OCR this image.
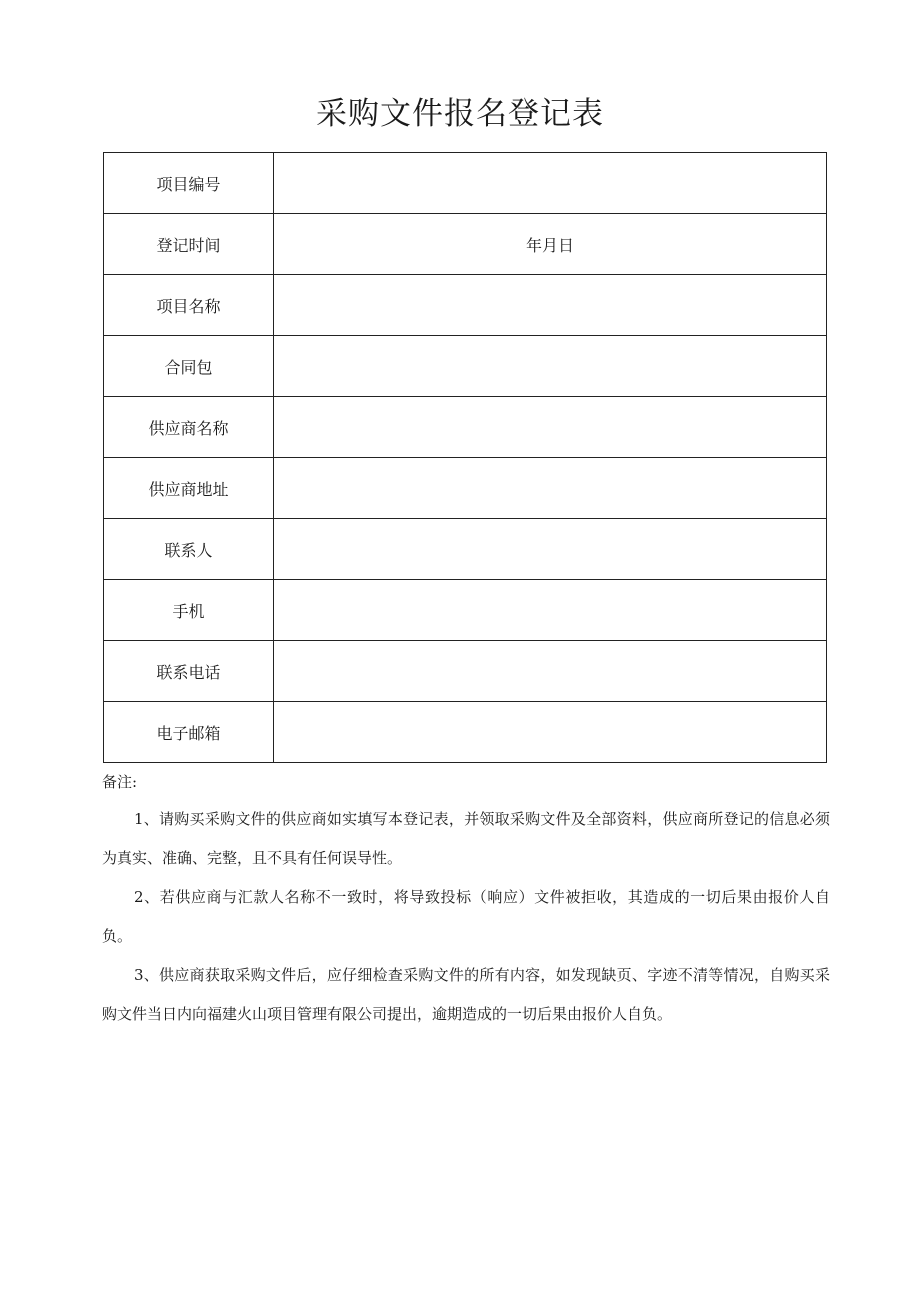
采购文件报名登记表
项目编号	
登记时间	年月日
项目名称	
合同包	
供应商名称	
供应商地址	
联系人	
手机	
联系电话	
电子邮箱	
备注:

1、请购买采购文件的供应商如实填写本登记表，并领取采购文件及全部资料，供应商所登记的信息必须为真实、准确、完整，且不具有任何误导性。

2、若供应商与汇款人名称不一致时，将导致投标（响应）文件被拒收，其造成的一切后果由报价人自负。

3、供应商获取采购文件后，应仔细检查采购文件的所有内容，如发现缺页、字迹不清等情况，自购买采购文件当日内向福建火山项目管理有限公司提出，逾期造成的一切后果由报价人自负。
